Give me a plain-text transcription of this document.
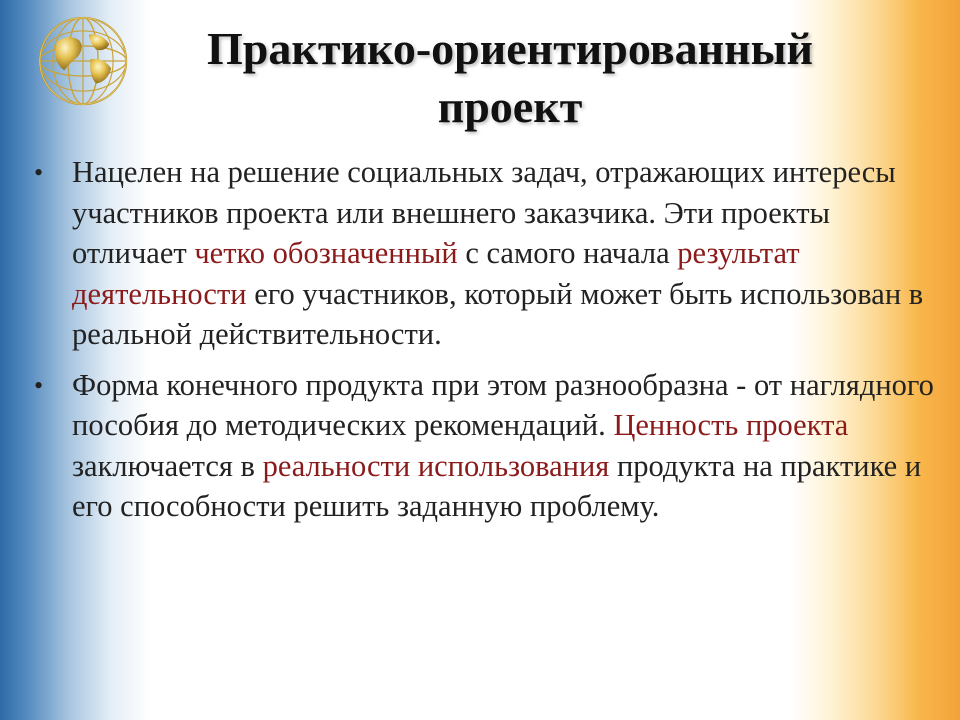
Практико-ориентированный
проект
• Нацелен на решение социальных задач, отражающих интересы участников проекта или внешнего заказчика. Эти проекты отличает четко обозначенный с самого начала результат деятельности его участников, который может быть использован в реальной действительности.
• Форма конечного продукта при этом разнообразна - от наглядного пособия до методических рекомендаций. Ценность проекта заключается в реальности использования продукта на практике и его способности решить заданную проблему.
